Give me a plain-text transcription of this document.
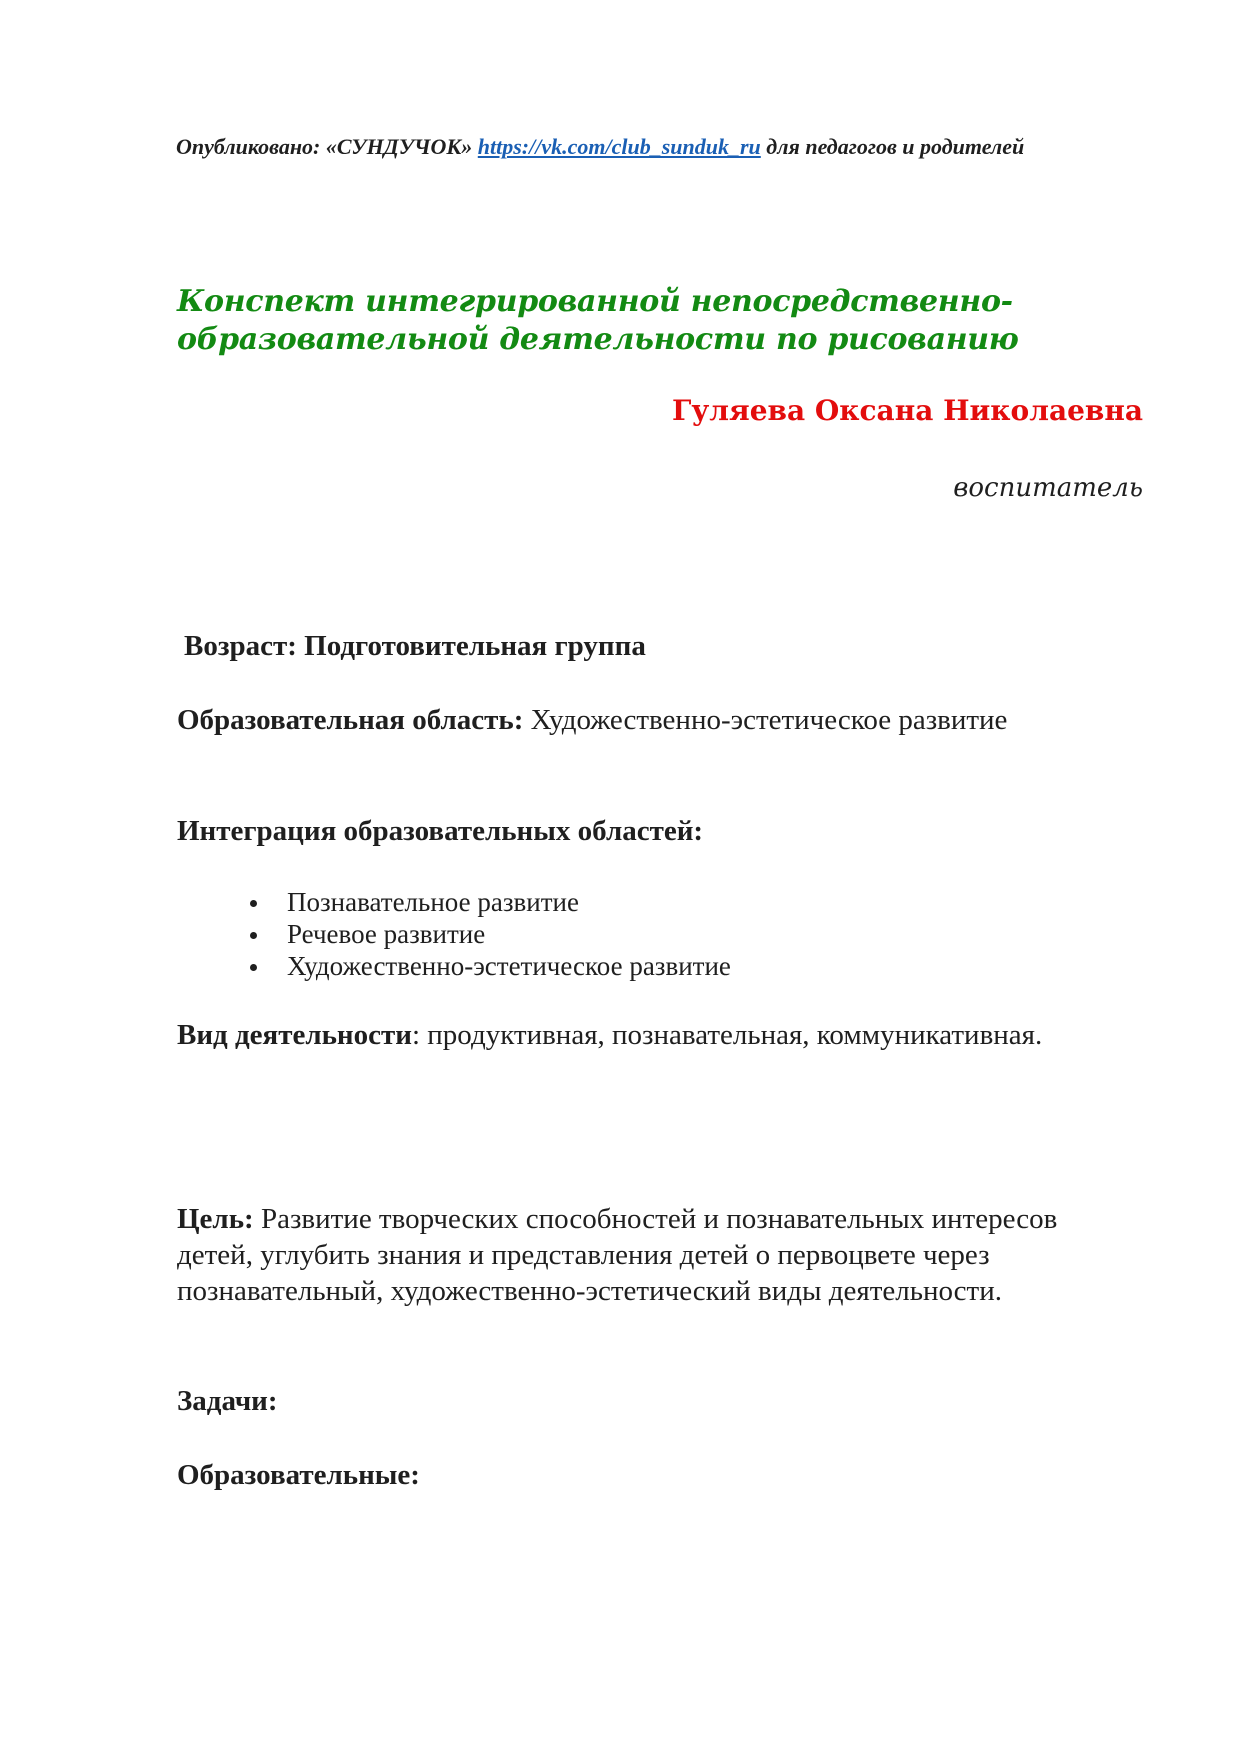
Опубликовано: «СУНДУЧОК» https://vk.com/club_sunduk_ru для педагогов и родителей
Конспект интегрированной непосредственно-
образовательной деятельности по рисованию
Гуляева Оксана Николаевна
воспитатель
Возраст: Подготовительная группа
Образовательная область: Художественно-эстетическое развитие
Интеграция образовательных областей:
Познавательное развитие
Речевое развитие
Художественно-эстетическое развитие
Вид деятельности: продуктивная, познавательная, коммуникативная.
Цель: Развитие творческих способностей и познавательных интересов детей, углубить знания и представления детей о первоцвете через познавательный, художественно-эстетический виды деятельности.
Задачи:
Образовательные:
